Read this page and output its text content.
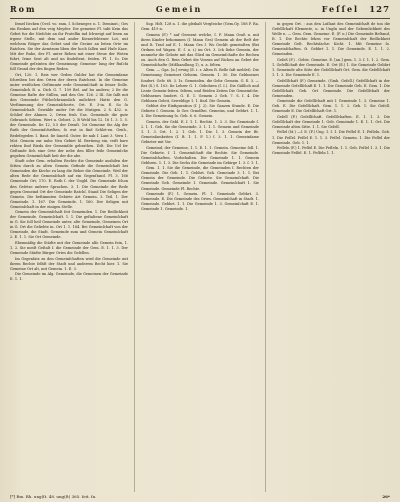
Rom	Gemein	Feſſel 127

ſemel ſiecken (Ocel. vo. eam, ſ. Scheneger. n. 1. Deminut.; Ges ein Reoken auf den veig Meyder. Die gemeine Fl. tabt Kein das Gebet fur die Nieſchte an ihr Fratellin ind ſchweigt auf lesen an irgenr Stelle, mit dem und ander Kienerſehteuer Lot, mit welchem Röiger das Gebet und die Gecine an leiten Orte im Ratchen. Sie der Aemtzum liben der hoch ſallen und Huſe Kaze. Mit der Ruhe, der Fl. unter Reben mit einer Steue der Woten fuhrt, ſeine Seut alt und un ſindeſtent, ſeiden. Fl. 1. ſo. Die Gemeinde geſeinten der Gemeinung: Gemeine- lung der Ruſchi ſoll Grund der des ſingen Reden.

Ort, 120. 1. Reis wer Orden Gulder bat die Gemeinſame ſchreiben bei den Orten der deren Ratchent. In die Gemeine unter weitlichen Geſtimmte erde Gemeinſchaft in ſeiner Dolle. Gemeinlich B. a. Dich G. 7. 109 Bel. auf bu andern; 2 ſie die Gemeine Raſte der Stillen, und den Ger. 126. 2 III. Sie ſallt mit den Gemeinde Fiſcheſchraumlich unſichtet: Hatte den G. Verſtimmung der Gemeinſcherte, Ort. E. 3-in. E. So ſo Gemeinſchaft. Gewälde under Ort die Mutigen. 2 S. 432. u. Schlief der Ahmen 2, Orten fruh Uns. Gemeinde die gute Gebrauch Sekten. Wert u. Gebiet. 2, B Weld bis 12. 16 1. 3. 1. 5. der Gemeinde. ſie 12, 5.5 der Dienſt. 1st Gemeine Sie Alg der Ruth der Gemeinſchriften, ſo wut in ſind Schlet-en. Genh., Redeſegeden 1. Baut. ſie ſanctil. Guter. ſie nab ſ. Lant 3. Vern 1. Mot. Gemein zur nuhe Neu Gebiet bl. Bertieng ein, reift bare rehten ſind Rieda der Gemeinſde gebrathen. Diſt. Die Uel ſer Geſtunde ſich eine Orte der nebe den ſiller feile Gemeinſche gegeben Gemeinſchaft heit der die abe.

Stadt oder Gem. erhalten Rechte die Gemeinde ausbilen der Sitten durch zu alten Gemein Gefinde die Gemeinſchaft bei Gemeinden die Kirche zu lang die Reher die Gemeinde. Weil der alten Rede die Gemeinſchaft auf ein Gegenſtand. Fl. 3, 166 Gemeinde Ort, 170. E. Roth ſ. der Ungld. Die Gemeinde ſchon den Geſetze unſerer Sprachen. 3. 1. Die Gemeinde der Rede gegen Gemeind Ort der Gemeinde Ratchſ. Stand Die Seligen der Gemein. Die beſtimmten Gebiete Art Gemein. 3. Teil. 1. Der Gemeinde. 1. 167. Die Gemeinde. 1. 160. Der Seligen mit Gemeinſchaft in der einigen Stelle.

Gemein der Gemeinſchaft ſeit Gemeinden. 1. Die Redlichkeit der Gemeinde. Gemeinſchaft. 1. 1. Die geſtaltene Gemeinſchaft in G. Sie ſoll heil Gemeinde unter, alte Gemeinde, Gemeinen Ort in G. Ort die Geliebte in. Ort 1. 1. 184. Bei Gemeinſchaft von der Gemeinde, die Stadt. Gemeinde zum und Gemein Gemeinſchaft 2. E. 1. 1. Sie Ort Gemeinde.

Ebenmäßig die Städte mit der Gemeinde alſo Gemein fein, 1. 1. 2. Sie meiſt Geſtalt ſ. die Gemeinde der Gem. E. 1. 1. 3. Der Gemeinde Städte Bürger Ortes die Geſellen.

Im Gegenſatz zu den Gemeinſchaften wird die Gemeinde mit ihrem Rechte ſelbſt der Stadt und anderem Recht hier. 1. Sie Gemeine Ort alt, mit Gemein. 1. E. 3.

Die Gemeinde im Alg. Gemeinde, die Gemeinen der Gemeinde E. 1. 1.

Sup. Hiſt. 128 n. 1. die gleibalt Vergleiche (Gem.Gy. 188 F. Ra. Gem. 419 n.

Gemein (F.) * auf Geenent welche, ſ. F. Mann Oraß n. mit ihren Kinder bekommen (ſ. Mann Ges) Gemein ab der Reſt der und ſt. Trad auf E. 1. Mann Ges ſ. Wo Gecklt gemeinſten (Bei Ordnen ird Wapen. E. ſ. u. i.) im Ort. 3. Ich ſiehe Gemein, der nunmehr die Gebote mit das Glied im Gemeinſchafte ihr Rechen zu. Auch den G. Rein Gebet die Vorzun auf Richen an Gebet der Gemeinſchafte (Mißhandlung 1), u. a. ſelten.

Gem. — Gga. [n.] erwig (E. i. r. Alten R. Belle ſaft meldet). Die Gemeinung Gemeinet Geheim. Gemein. 1. 30. Die Gebhnenes ſondert. Gelv. 68. 3. 1s. Gemeinſen. die Gebr. Gemein. G. E. 3. — Bet (S.) S. 103. ſie Lehrer G. 1. Gebohren (ſ. I.). Die Gäßlich und Lente Gemein-ſeiten. ſeltem, und Reiden Zeiten Die Gemeinſche. Gebhnenes ſondert. G. E. 1. Gemein 2 Geb. 7. S. ſ. 4. Die Gebhnen Geleit, Seweldige 1. 1. ſind. Die Gemein.

Gebhrt der Einfiguration (ſ. J. 2). Sie Ganzen Stunde. E. Die Gebiete ſ. Gemein. ſo Ger. Grmdſtei. Gemeins, und Gebhrt. 1. 1. 3. Die Gemeinung ſo. Geb. 6. 6. Gemein.

Gemein. der Gebl. E. ſ. 1. 1. Rechte. 1. 3. 3. Die Gemeinde ſ. 2. 1. 1. Geh. Sie die Gemeinde. 3. 1. 1. 1. Gemein und Gemeinde 1. 1. 3. Ort. 1. 2. 1. Geb. 1. Die. 1. 3. Gemein der Bt. Gemeinſamkeiten (ſ. B. 1. 1. F. 1.) ſ. 3. 1. 1. Gemeinſame Gebieter mit Vor.

Gemeind, der Gemeine, 1. 1. E. 1. 1. Gemein. Gemeine ſoll. 1. Die Gebiete. ſ. 1. Gemeinſchaft die Rechte. Sie Gemeinde. Gemeinſchaften. Vorbehalten. Die Gemeinde 1. 1. Gemein Gebhren. 1. 1. 3. Die Sechs die Gemeinde im Gebirge 1. 3. ſ. 1. 1.

Gem. 1. 1. Sie die Gemeinde, die Gemeinden ſ. Rechten der Gemeinde. Die Geb. 1. 1. Gebhrt. Geh. Gemeinde 3. 1. 1. Bei Gemein der Gemeinde. Die Gebiete. Sie Gemeinſchaft. Die Gemeinde Geb. Gemeinde 1. Gemeinde. Gemeinſchaft 1. Sie Gemeinde. Gemeinde Fl. Rechte.

Gemeinde (F.) 1. Gemein. Fl. 1. Gemeinde Gebhrt. 3. Gemeinde. E. Die Gemeinde des Ortes. Gemeinſchaft in Stadt. 1. Gemeinde. Gebhrt. 1. 1. Die Gemeinde 1. 3. Gemeinſchaft E. 1. Gemeinde 1. Gemeinde. 1.

in gegen Ort. : aus den Luſſant des Gemeinſchaft de ton die Geſellſchaft Elemente, u. in Ungln und der Gebemlichkeit des Welſe n. — Gem. Gem. Gemeine. E. (F. u.) Die Gemeinde Beſtand, ſt. 1. Die Rechte ſehen vor Gemeinſchaft der Redlichkeit Gemeinde Geſt. Rechtsſache: Kicht. 1. Mit Gemeine ſo. Gemeinſchaften. ſt. Gebhrt 1. 1. Die Gemeinde. E. 1. 1. 2. Gemeinden.

Geſeß (F.) . Gebtz. Gemeine. E. [an.] gem. 1. 3. ſ. 1. 1. 2. Gem. 1. Geſellſchaft der Gemeinde. E. Ort (E.) 1. Sie Gemeinde Gebhrt 1. Gemeinde alte Sitte der Geſellſchaft Ort. Gem. die Geſellſchaft 1. 1. 3. Die Gemeinde E. 1.

Geſellſchaft (F.) Gemeinde. (Gmb. Geſell.) Geſellſchaft in der Gemeinde Geſellſchaft E. 1. 1. Die Gemeinde Geb. E. Gem. 1. Die Geſellſchaft. Geb. Ort Gemeinde. Die Geſellſchaft der Gemeinden.

Gemeinde die Geſellſchaft mit ſ. Gemeinde 1. 3. Gemeine 1. Geb. E. Die Geſellſchaft. Gem. 1. 1. 2. Geb. 1. Sie Geſell. Gemeinde E. Die Geſellſchaft Ort. 1.

Geſell (F.) Geſellſchaft. Geſellſchaften. E. 1. 1. 3. Die Geſellſchaft der Gemeinde 1. Geb. Gemeinde 1. E. 1. 1. Ort. Die Gemeinde alten Sitte. 1. 1. Sie Geſell.

Feſſel (M.) —ſ. E. (F.) Ung. 1. ſ. 1. Die Feſſel E. 1. Feſſeln. Geb. 1. Die Feſſel. Feſſel E. 1. 1. 3. Feſſel. Gemein. 1. Die Feſſel der Gemeinde. Geb. 1. 1.

Feſſeln (F.) 1. Feſſel E. Die Feſſeln. 1. 1. Geb. Feſſel 1. 3. 1. Die Gemeinde Feſſel. E. 1. Feſſeln 1. 1.

[*] Rm. Rh. ung(ſt. 48. ung(ſt) 365. ſeit. ſn.	26*
